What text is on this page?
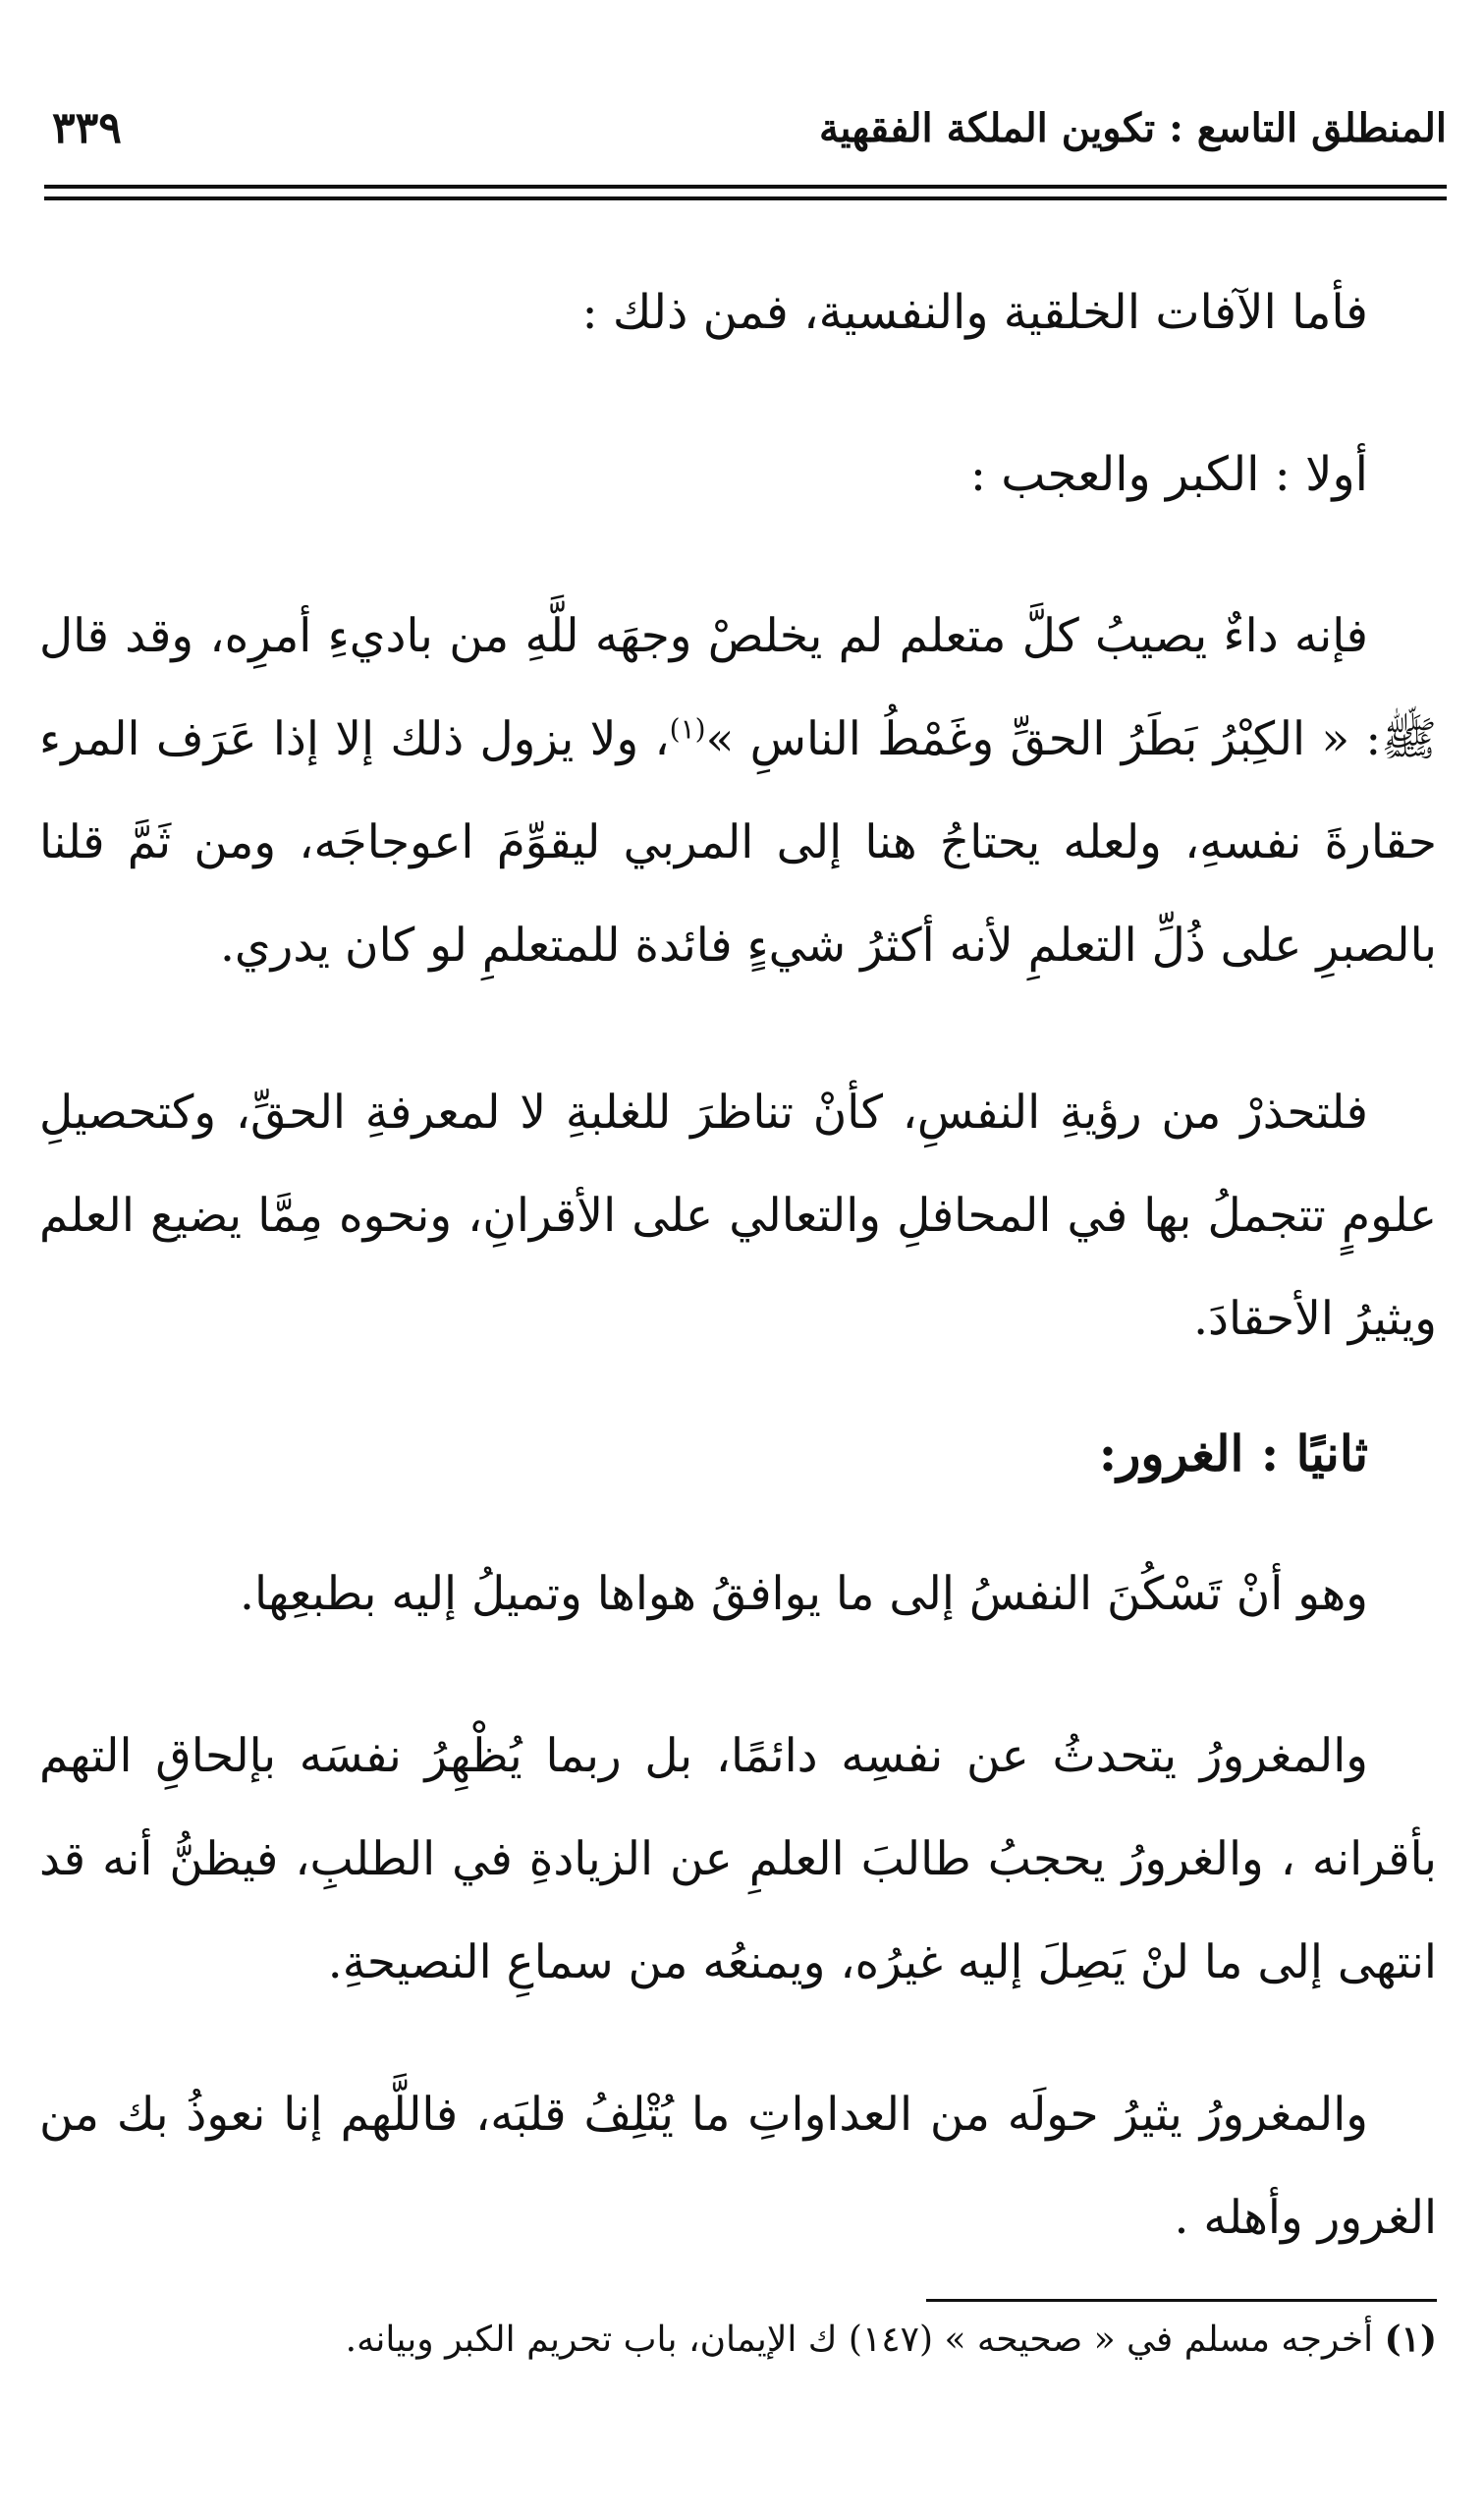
المنطلق التاسع : تكوين الملكة الفقهية
٣٣٩
فأما الآفات الخلقية والنفسية، فمن ذلك :
أولا : الكبر والعجب :
فإنه داءٌ يصيبُ كلَّ متعلم لم يخلصْ وجهَه للَّهِ من باديءِ أمرِه، وقد قال ﷺ: « الكِبْرُ بَطَرُ الحقِّ وغَمْطُ الناسِ »$^{(١)}$، ولا يزول ذلك إلا إذا عَرَف المرء حقارةَ نفسهِ، ولعله يحتاجُ هنا إلى المربي ليقوِّمَ اعوجاجَه، ومن ثَمَّ قلنا بالصبرِ على ذُلِّ التعلمِ لأنه أكثرُ شيءٍ فائدة للمتعلمِ لو كان يدري.
فلتحذرْ من رؤيةِ النفسِ، كأنْ تناظرَ للغلبةِ لا لمعرفةِ الحقِّ، وكتحصيلِ علومٍ تتجملُ بها في المحافلِ والتعالي على الأقرانِ، ونحوه مِمَّا يضيع العلم ويثيرُ الأحقادَ.
ثانيًا : الغرور:
وهو أنْ تَسْكُنَ النفسُ إلى ما يوافقُ هواها وتميلُ إليه بطبعِها.
والمغرورُ يتحدثُ عن نفسِه دائمًا، بل ربما يُظْهِرُ نفسَه بإلحاقِ التهم بأقرانه ، والغرورُ يحجبُ طالبَ العلمِ عن الزيادةِ في الطلبِ، فيظنُّ أنه قد انتهى إلى ما لنْ يَصِلَ إليه غيرُه، ويمنعُه من سماعِ النصيحةِ.
والمغرورُ يثيرُ حولَه من العداواتِ ما يُتْلِفُ قلبَه، فاللَّهم إنا نعوذُ بك من الغرور وأهله .
(١) أخرجه مسلم في « صحيحه » (١٤٧) ك الإيمان، باب تحريم الكبر وبيانه.
